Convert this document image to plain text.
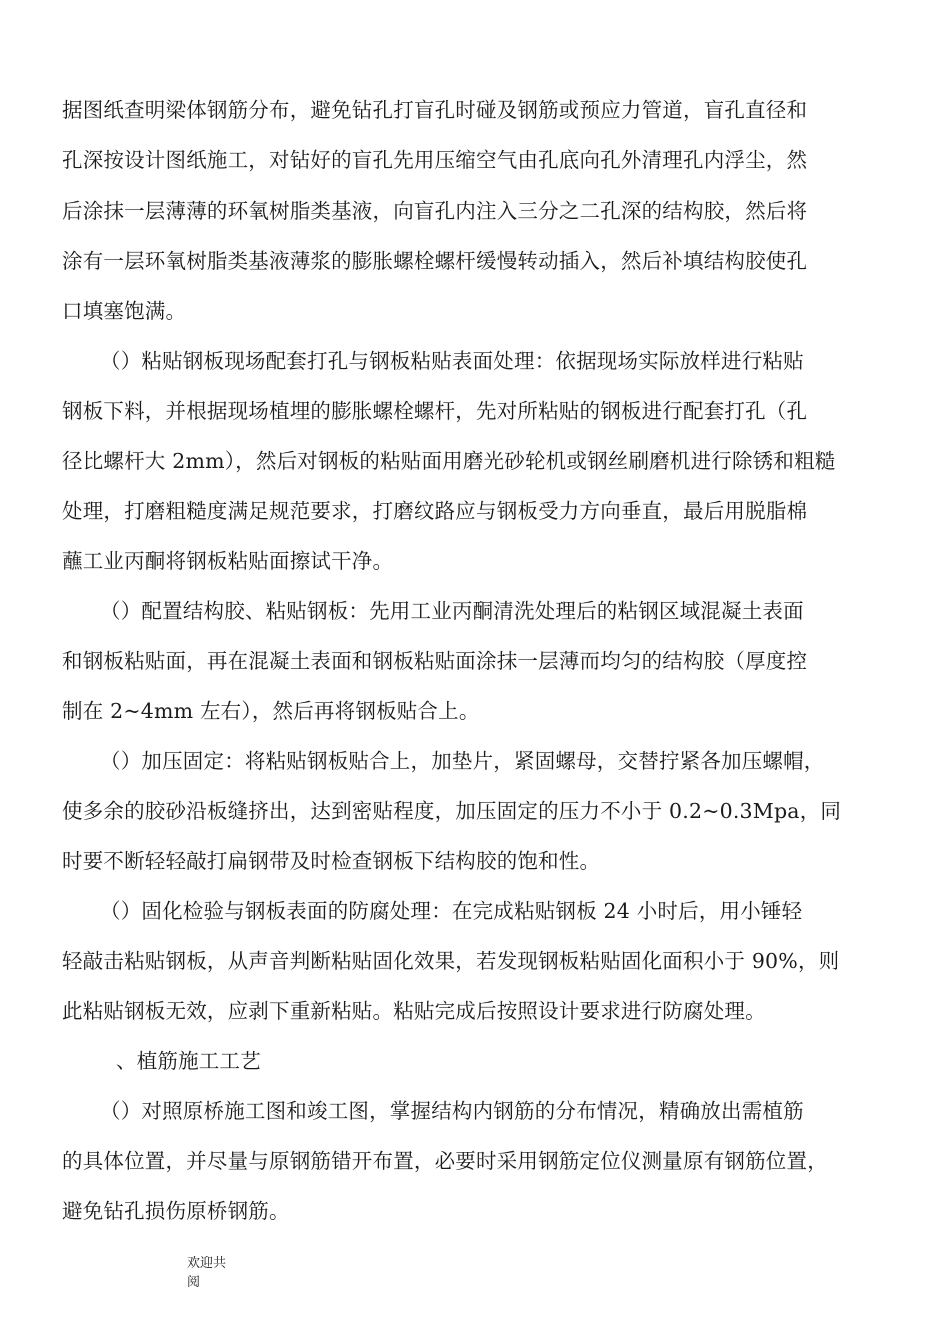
据图纸查明梁体钢筋分布，避免钻孔打盲孔时碰及钢筋或预应力管道，盲孔直径和
孔深按设计图纸施工，对钻好的盲孔先用压缩空气由孔底向孔外清理孔内浮尘，然
后涂抹一层薄薄的环氧树脂类基液，向盲孔内注入三分之二孔深的结构胶，然后将
涂有一层环氧树脂类基液薄浆的膨胀螺栓螺杆缓慢转动插入，然后补填结构胶使孔
口填塞饱满。
（）粘贴钢板现场配套打孔与钢板粘贴表面处理：依据现场实际放样进行粘贴
钢板下料，并根据现场植埋的膨胀螺栓螺杆，先对所粘贴的钢板进行配套打孔（孔
径比螺杆大 2mm），然后对钢板的粘贴面用磨光砂轮机或钢丝刷磨机进行除锈和粗糙
处理，打磨粗糙度满足规范要求，打磨纹路应与钢板受力方向垂直，最后用脱脂棉
蘸工业丙酮将钢板粘贴面擦试干净。
（）配置结构胶、粘贴钢板：先用工业丙酮清洗处理后的粘钢区域混凝土表面
和钢板粘贴面，再在混凝土表面和钢板粘贴面涂抹一层薄而均匀的结构胶（厚度控
制在 2~4mm 左右），然后再将钢板贴合上。
（）加压固定：将粘贴钢板贴合上，加垫片，紧固螺母，交替拧紧各加压螺帽，
使多余的胶砂沿板缝挤出，达到密贴程度，加压固定的压力不小于 0.2~0.3Mpa，同
时要不断轻轻敲打扁钢带及时检查钢板下结构胶的饱和性。
（）固化检验与钢板表面的防腐处理：在完成粘贴钢板 24 小时后，用小锤轻
轻敲击粘贴钢板，从声音判断粘贴固化效果，若发现钢板粘贴固化面积小于 90%，则
此粘贴钢板无效，应剥下重新粘贴。粘贴完成后按照设计要求进行防腐处理。
、植筋施工工艺
（）对照原桥施工图和竣工图，掌握结构内钢筋的分布情况，精确放出需植筋
的具体位置，并尽量与原钢筋错开布置，必要时采用钢筋定位仪测量原有钢筋位置，
避免钻孔损伤原桥钢筋。
欢迎共
阅
